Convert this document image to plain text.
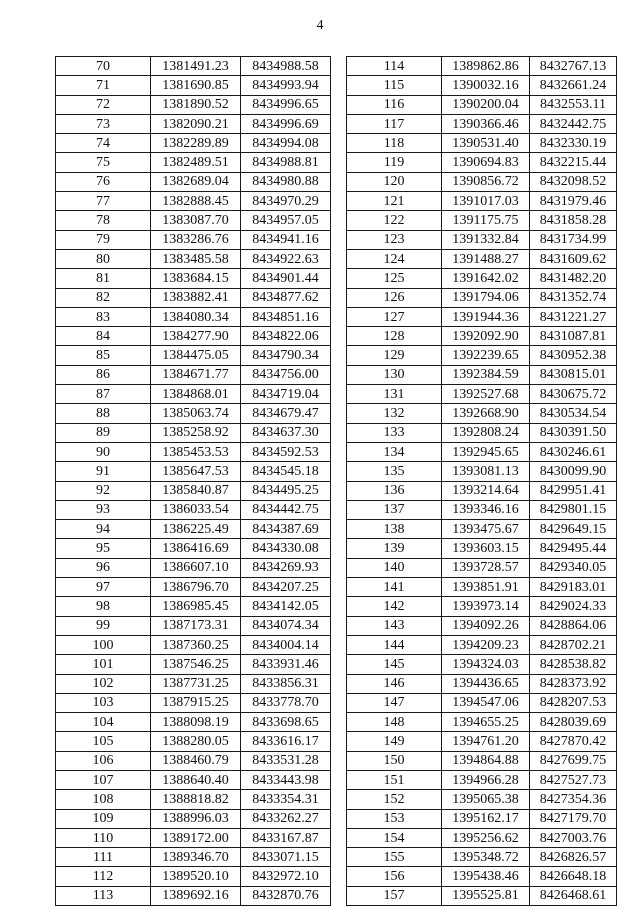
4
70	1381491.23	8434988.58
71	1381690.85	8434993.94
72	1381890.52	8434996.65
73	1382090.21	8434996.69
74	1382289.89	8434994.08
75	1382489.51	8434988.81
76	1382689.04	8434980.88
77	1382888.45	8434970.29
78	1383087.70	8434957.05
79	1383286.76	8434941.16
80	1383485.58	8434922.63
81	1383684.15	8434901.44
82	1383882.41	8434877.62
83	1384080.34	8434851.16
84	1384277.90	8434822.06
85	1384475.05	8434790.34
86	1384671.77	8434756.00
87	1384868.01	8434719.04
88	1385063.74	8434679.47
89	1385258.92	8434637.30
90	1385453.53	8434592.53
91	1385647.53	8434545.18
92	1385840.87	8434495.25
93	1386033.54	8434442.75
94	1386225.49	8434387.69
95	1386416.69	8434330.08
96	1386607.10	8434269.93
97	1386796.70	8434207.25
98	1386985.45	8434142.05
99	1387173.31	8434074.34
100	1387360.25	8434004.14
101	1387546.25	8433931.46
102	1387731.25	8433856.31
103	1387915.25	8433778.70
104	1388098.19	8433698.65
105	1388280.05	8433616.17
106	1388460.79	8433531.28
107	1388640.40	8433443.98
108	1388818.82	8433354.31
109	1388996.03	8433262.27
110	1389172.00	8433167.87
111	1389346.70	8433071.15
112	1389520.10	8432972.10
113	1389692.16	8432870.76
114	1389862.86	8432767.13
115	1390032.16	8432661.24
116	1390200.04	8432553.11
117	1390366.46	8432442.75
118	1390531.40	8432330.19
119	1390694.83	8432215.44
120	1390856.72	8432098.52
121	1391017.03	8431979.46
122	1391175.75	8431858.28
123	1391332.84	8431734.99
124	1391488.27	8431609.62
125	1391642.02	8431482.20
126	1391794.06	8431352.74
127	1391944.36	8431221.27
128	1392092.90	8431087.81
129	1392239.65	8430952.38
130	1392384.59	8430815.01
131	1392527.68	8430675.72
132	1392668.90	8430534.54
133	1392808.24	8430391.50
134	1392945.65	8430246.61
135	1393081.13	8430099.90
136	1393214.64	8429951.41
137	1393346.16	8429801.15
138	1393475.67	8429649.15
139	1393603.15	8429495.44
140	1393728.57	8429340.05
141	1393851.91	8429183.01
142	1393973.14	8429024.33
143	1394092.26	8428864.06
144	1394209.23	8428702.21
145	1394324.03	8428538.82
146	1394436.65	8428373.92
147	1394547.06	8428207.53
148	1394655.25	8428039.69
149	1394761.20	8427870.42
150	1394864.88	8427699.75
151	1394966.28	8427527.73
152	1395065.38	8427354.36
153	1395162.17	8427179.70
154	1395256.62	8427003.76
155	1395348.72	8426826.57
156	1395438.46	8426648.18
157	1395525.81	8426468.61
